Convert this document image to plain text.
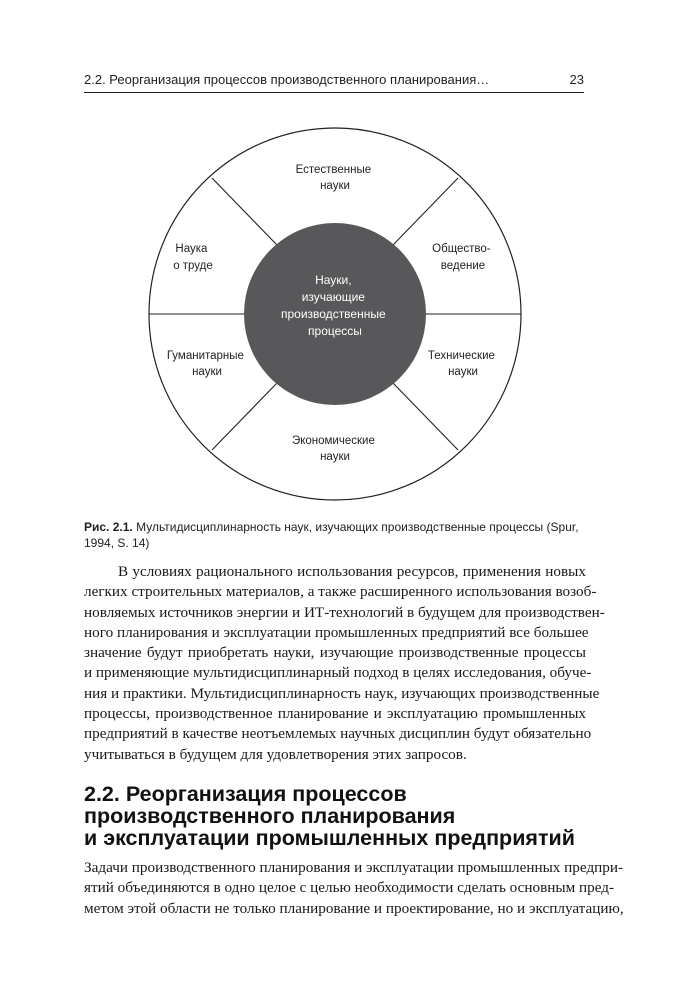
2.2. Реорганизация процессов производственного планирования…	23
Науки, изучающие производственные процессы
Естественные науки
Общество- ведение
Технические науки
Экономические науки
Гуманитарные науки
Наука о труде
Рис. 2.1. Мультидисциплинарность наук, изучающих производственные процессы (Spur, 1994, S. 14)
В условиях рационального использования ресурсов, применения новых
легких строительных материалов, а также расширенного использования возоб-
новляемых источников энергии и ИТ-технологий в будущем для производствен-
ного планирования и эксплуатации промышленных предприятий все большее
значение будут приобретать науки, изучающие производственные процессы
и применяющие мультидисциплинарный подход в целях исследования, обуче-
ния и практики. Мультидисциплинарность наук, изучающих производственные
процессы, производственное планирование и эксплуатацию промышленных
предприятий в качестве неотъемлемых научных дисциплин будут обязательно
учитываться в будущем для удовлетворения этих запросов.
2.2. Реорганизация процессов
производственного планирования
и эксплуатации промышленных предприятий
Задачи производственного планирования и эксплуатации промышленных предпри-
ятий объединяются в одно целое с целью необходимости сделать основным пред-
метом этой области не только планирование и проектирование, но и эксплуатацию,
